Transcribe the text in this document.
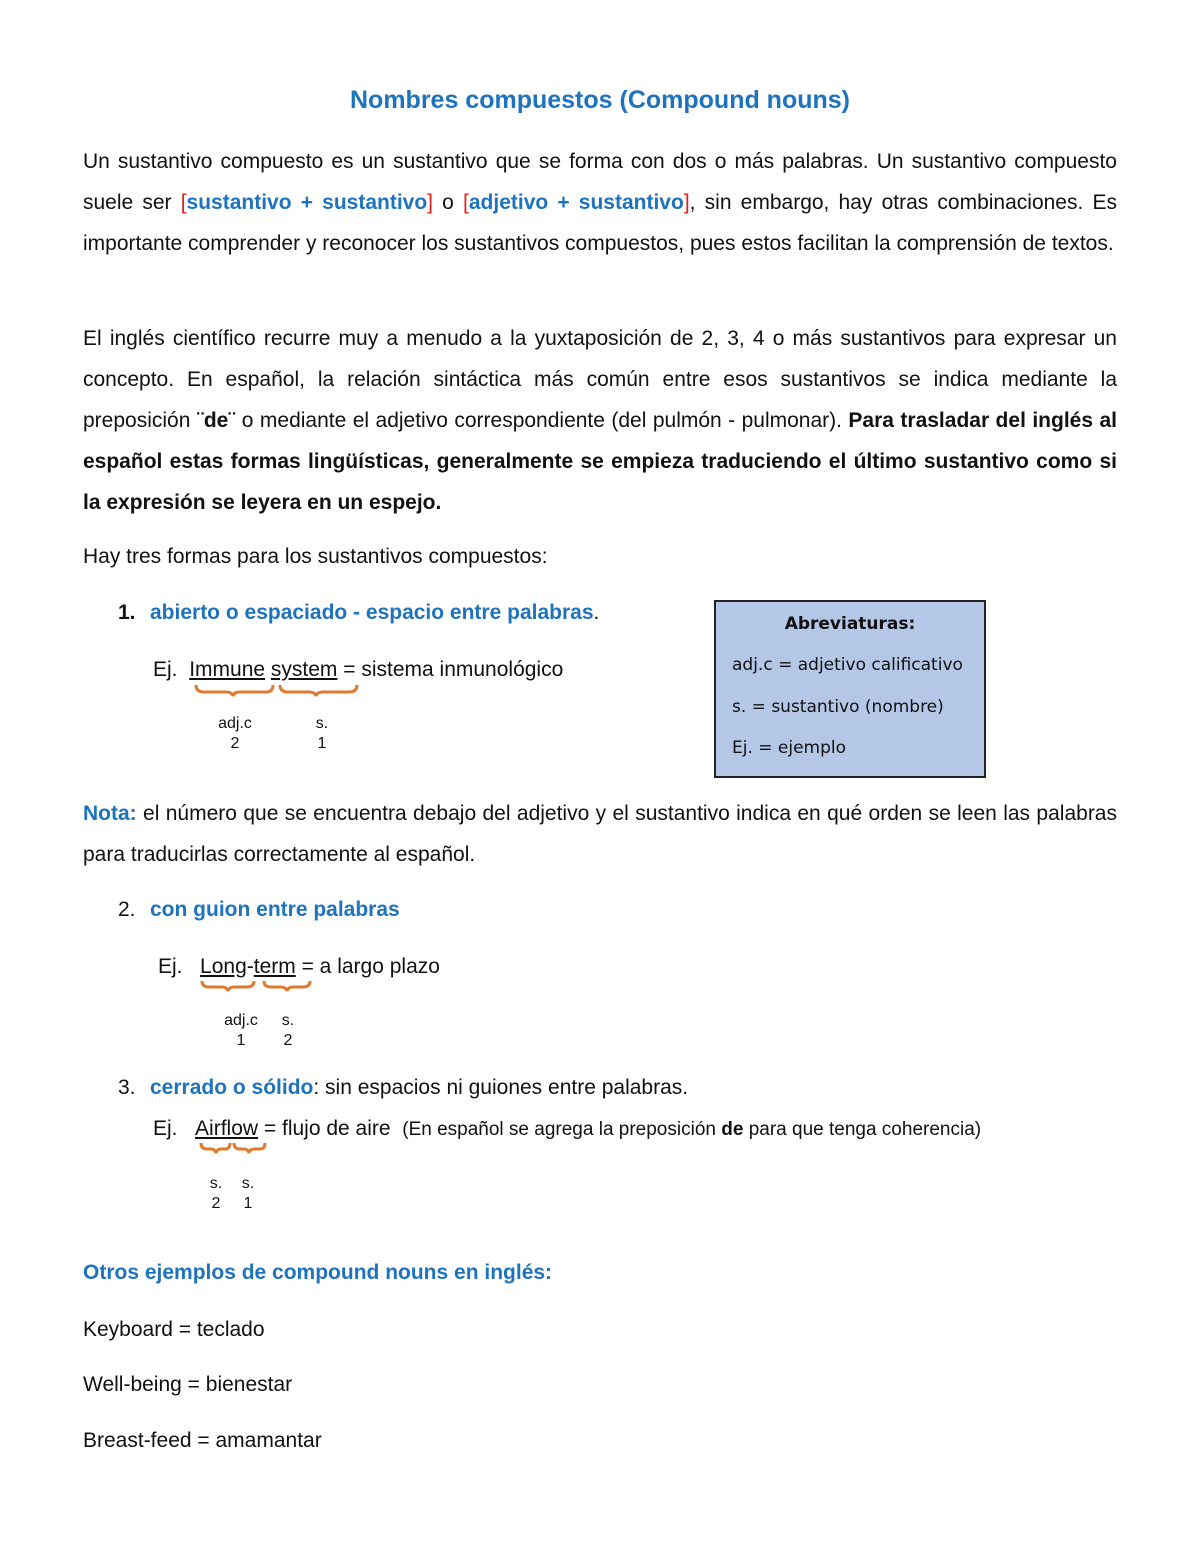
Nombres compuestos (Compound nouns)
Un sustantivo compuesto es un sustantivo que se forma con dos o más palabras. Un sustantivo compuesto suele ser [sustantivo + sustantivo] o [adjetivo + sustantivo], sin embargo, hay otras combinaciones. Es importante comprender y reconocer los sustantivos compuestos, pues estos facilitan la comprensión de textos.
El inglés científico recurre muy a menudo a la yuxtaposición de 2, 3, 4 o más sustantivos para expresar un concepto. En español, la relación sintáctica más común entre esos sustantivos se indica mediante la preposición ¨de¨ o mediante el adjetivo correspondiente (del pulmón - pulmonar). Para trasladar del inglés al español estas formas lingüísticas, generalmente se empieza traduciendo el último sustantivo como si la expresión se leyera en un espejo.
Hay tres formas para los sustantivos compuestos:
1. abierto o espaciado - espacio entre palabras.
Ej. Immune system = sistema inmunológico
adj.c
2
s.
1
Abreviaturas:
adj.c = adjetivo calificativo
s. = sustantivo (nombre)
Ej. = ejemplo
Nota: el número que se encuentra debajo del adjetivo y el sustantivo indica en qué orden se leen las palabras para traducirlas correctamente al español.
2. con guion entre palabras
Ej. Long-term = a largo plazo
adj.c
1
s.
2
3. cerrado o sólido: sin espacios ni guiones entre palabras.
Ej. Airflow = flujo de aire (En español se agrega la preposición de para que tenga coherencia)
s.
2
s.
1
Otros ejemplos de compound nouns en inglés:
Keyboard = teclado
Well-being = bienestar
Breast-feed = amamantar
